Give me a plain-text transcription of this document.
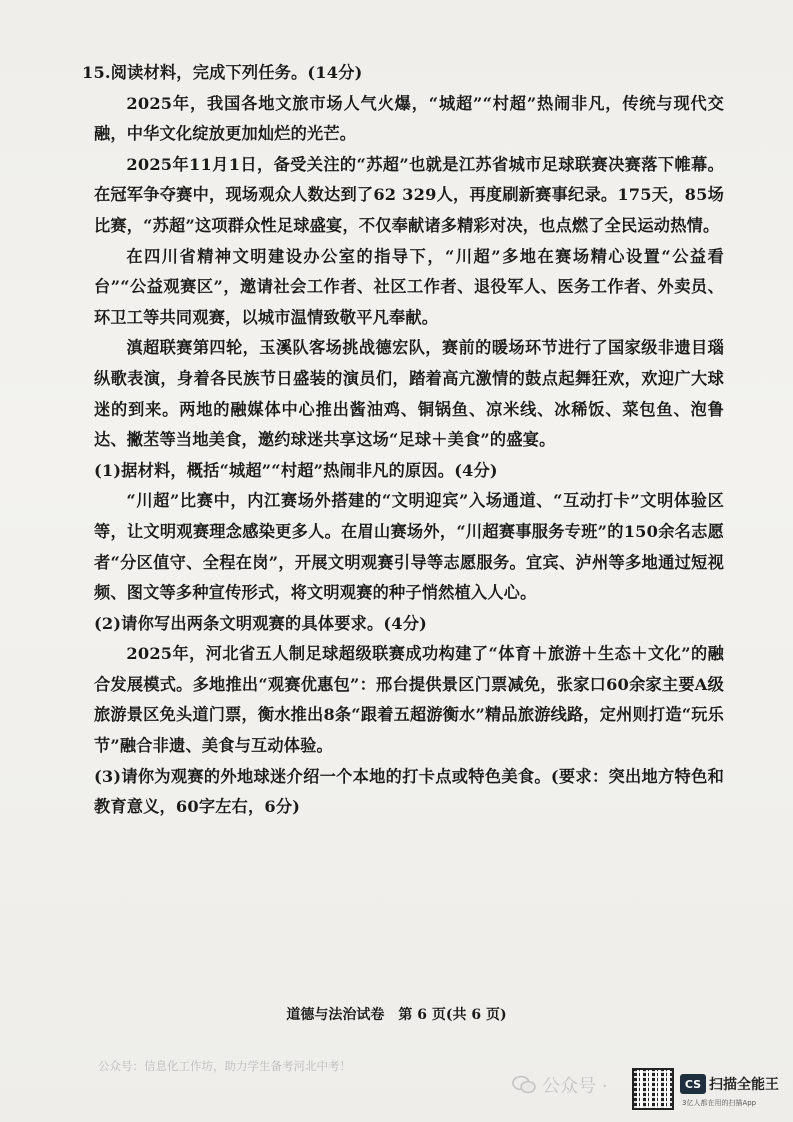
15.阅读材料，完成下列任务。(14分)

2025年，我国各地文旅市场人气火爆，“城超”“村超”热闹非凡，传统与现代交融，中华文化绽放更加灿烂的光芒。

2025年11月1日，备受关注的“苏超”也就是江苏省城市足球联赛决赛落下帷幕。在冠军争夺赛中，现场观众人数达到了62 329人，再度刷新赛事纪录。175天，85场比赛，“苏超”这项群众性足球盛宴，不仅奉献诸多精彩对决，也点燃了全民运动热情。

在四川省精神文明建设办公室的指导下，“川超”多地在赛场精心设置“公益看台”“公益观赛区”，邀请社会工作者、社区工作者、退役军人、医务工作者、外卖员、环卫工等共同观赛，以城市温情致敬平凡奉献。

滇超联赛第四轮，玉溪队客场挑战德宏队，赛前的暖场环节进行了国家级非遗目瑙纵歌表演，身着各民族节日盛装的演员们，踏着高亢激情的鼓点起舞狂欢，欢迎广大球迷的到来。两地的融媒体中心推出酱油鸡、铜锅鱼、凉米线、冰稀饭、菜包鱼、泡鲁达、撇苤等当地美食，邀约球迷共享这场“足球＋美食”的盛宴。

(1)据材料，概括“城超”“村超”热闹非凡的原因。(4分)

“川超”比赛中，内江赛场外搭建的“文明迎宾”入场通道、“互动打卡”文明体验区等，让文明观赛理念感染更多人。在眉山赛场外，“川超赛事服务专班”的150余名志愿者“分区值守、全程在岗”，开展文明观赛引导等志愿服务。宜宾、泸州等多地通过短视频、图文等多种宣传形式，将文明观赛的种子悄然植入人心。

(2)请你写出两条文明观赛的具体要求。(4分)

2025年，河北省五人制足球超级联赛成功构建了“体育＋旅游＋生态＋文化”的融合发展模式。多地推出“观赛优惠包”：邢台提供景区门票减免，张家口60余家主要A级旅游景区免头道门票，衡水推出8条“跟着五超游衡水”精品旅游线路，定州则打造“玩乐节”融合非遗、美食与互动体验。

(3)请你为观赛的外地球迷介绍一个本地的打卡点或特色美食。(要求：突出地方特色和教育意义，60字左右，6分)

道德与法治试卷　第 6 页(共 6 页)
公众号：信息化工作坊，助力学生备考河北中考！
公众号 ·	CS 扫描全能王
3亿人都在用的扫描App
